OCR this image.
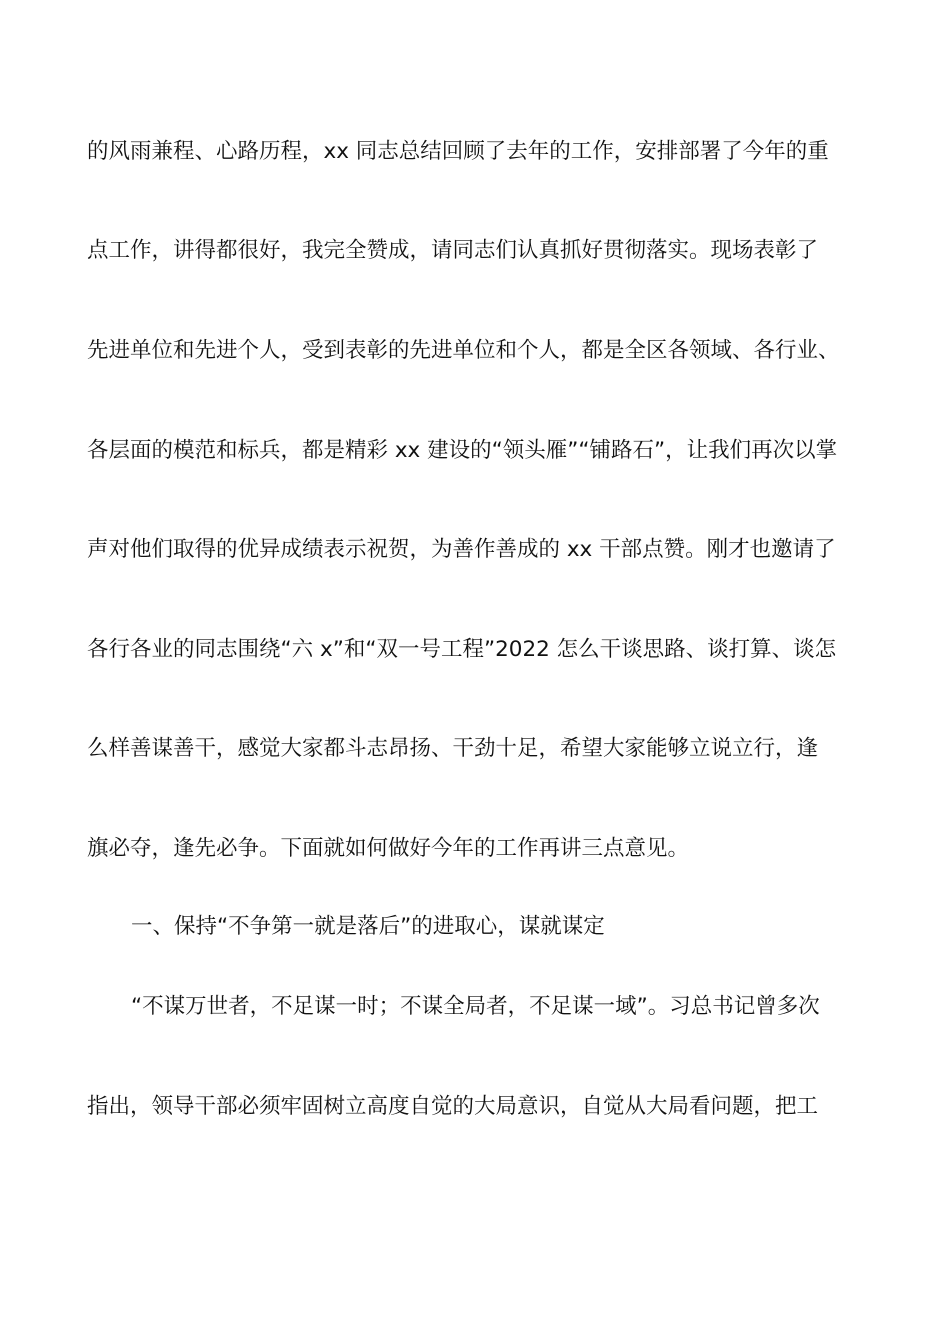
的风雨兼程、心路历程，xx 同志总结回顾了去年的工作，安排部署了今年的重
点工作，讲得都很好，我完全赞成，请同志们认真抓好贯彻落实。现场表彰了
先进单位和先进个人，受到表彰的先进单位和个人，都是全区各领域、各行业、
各层面的模范和标兵，都是精彩 xx 建设的“领头雁”“铺路石”，让我们再次以掌
声对他们取得的优异成绩表示祝贺，为善作善成的 xx 干部点赞。刚才也邀请了
各行各业的同志围绕“六 x”和“双一号工程”2022 怎么干谈思路、谈打算、谈怎
么样善谋善干，感觉大家都斗志昂扬、干劲十足，希望大家能够立说立行，逢
旗必夺，逢先必争。下面就如何做好今年的工作再讲三点意见。
一、保持“不争第一就是落后”的进取心，谋就谋定
“不谋万世者，不足谋一时；不谋全局者，不足谋一域”。习总书记曾多次
指出，领导干部必须牢固树立高度自觉的大局意识，自觉从大局看问题，把工
